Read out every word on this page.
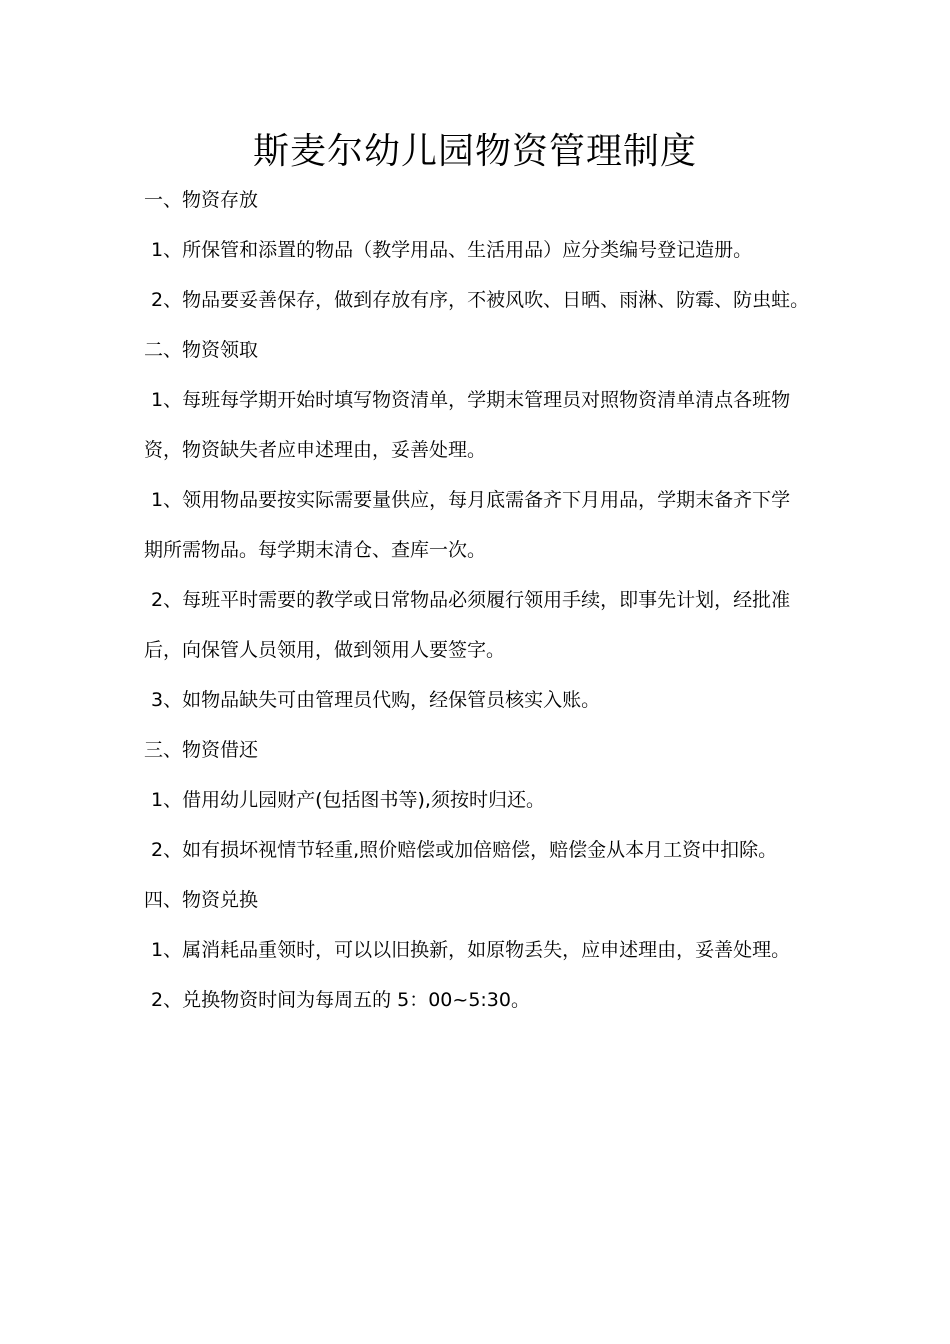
斯麦尔幼儿园物资管理制度
一、物资存放
1、所保管和添置的物品（教学用品、生活用品）应分类编号登记造册。
2、物品要妥善保存，做到存放有序，不被风吹、日晒、雨淋、防霉、防虫蛀。
二、物资领取
1、每班每学期开始时填写物资清单，学期末管理员对照物资清单清点各班物
资，物资缺失者应申述理由，妥善处理。
1、领用物品要按实际需要量供应，每月底需备齐下月用品，学期末备齐下学
期所需物品。每学期末清仓、查库一次。
2、每班平时需要的教学或日常物品必须履行领用手续，即事先计划，经批准
后，向保管人员领用，做到领用人要签字。
3、如物品缺失可由管理员代购，经保管员核实入账。
三、物资借还
1、借用幼儿园财产(包括图书等),须按时归还。
2、如有损坏视情节轻重,照价赔偿或加倍赔偿，赔偿金从本月工资中扣除。
四、物资兑换
1、属消耗品重领时，可以以旧换新，如原物丢失，应申述理由，妥善处理。
2、兑换物资时间为每周五的 5：00~5:30。
